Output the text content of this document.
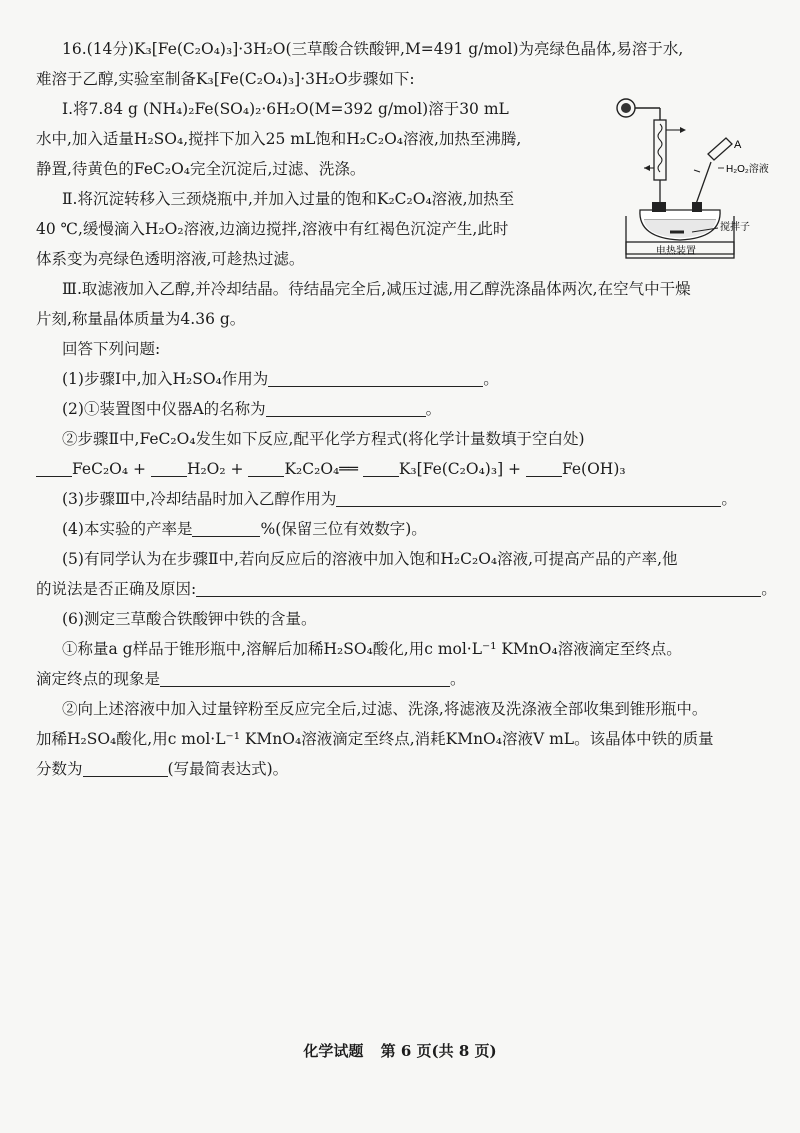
16.(14分)K₃[Fe(C₂O₄)₃]·3H₂O(三草酸合铁酸钾,M=491 g/mol)为亮绿色晶体,易溶于水,
难溶于乙醇,实验室制备K₃[Fe(C₂O₄)₃]·3H₂O步骤如下:
Ⅰ.将7.84 g (NH₄)₂Fe(SO₄)₂·6H₂O(M=392 g/mol)溶于30 mL
水中,加入适量H₂SO₄,搅拌下加入25 mL饱和H₂C₂O₄溶液,加热至沸腾,
静置,待黄色的FeC₂O₄完全沉淀后,过滤、洗涤。
Ⅱ.将沉淀转移入三颈烧瓶中,并加入过量的饱和K₂C₂O₄溶液,加热至
40 ℃,缓慢滴入H₂O₂溶液,边滴边搅拌,溶液中有红褐色沉淀产生,此时
体系变为亮绿色透明溶液,可趁热过滤。
Ⅲ.取滤液加入乙醇,并冷却结晶。待结晶完全后,减压过滤,用乙醇洗涤晶体两次,在空气中干燥
片刻,称量晶体质量为4.36 g。
回答下列问题:
(1)步骤Ⅰ中,加入H₂SO₄作用为	。
(2)①装置图中仪器A的名称为	。
②步骤Ⅱ中,FeC₂O₄发生如下反应,配平化学方程式(将化学计量数填于空白处)
FeC₂O₄ +	H₂O₂ +	K₂C₂O₄══	K₃[Fe(C₂O₄)₃] +	Fe(OH)₃
(3)步骤Ⅲ中,冷却结晶时加入乙醇作用为	。
(4)本实验的产率是	%(保留三位有效数字)。
(5)有同学认为在步骤Ⅱ中,若向反应后的溶液中加入饱和H₂C₂O₄溶液,可提高产品的产率,他
的说法是否正确及原因:	。
(6)测定三草酸合铁酸钾中铁的含量。
①称量a g样品于锥形瓶中,溶解后加稀H₂SO₄酸化,用c mol·L⁻¹ KMnO₄溶液滴定至终点。
滴定终点的现象是	。
②向上述溶液中加入过量锌粉至反应完全后,过滤、洗涤,将滤液及洗涤液全部收集到锥形瓶中。
加稀H₂SO₄酸化,用c mol·L⁻¹ KMnO₄溶液滴定至终点,消耗KMnO₄溶液V mL。该晶体中铁的质量
分数为	(写最简表达式)。
A
H₂O₂溶液
搅拌子
电热装置
化学试题 第 6 页(共 8 页)
